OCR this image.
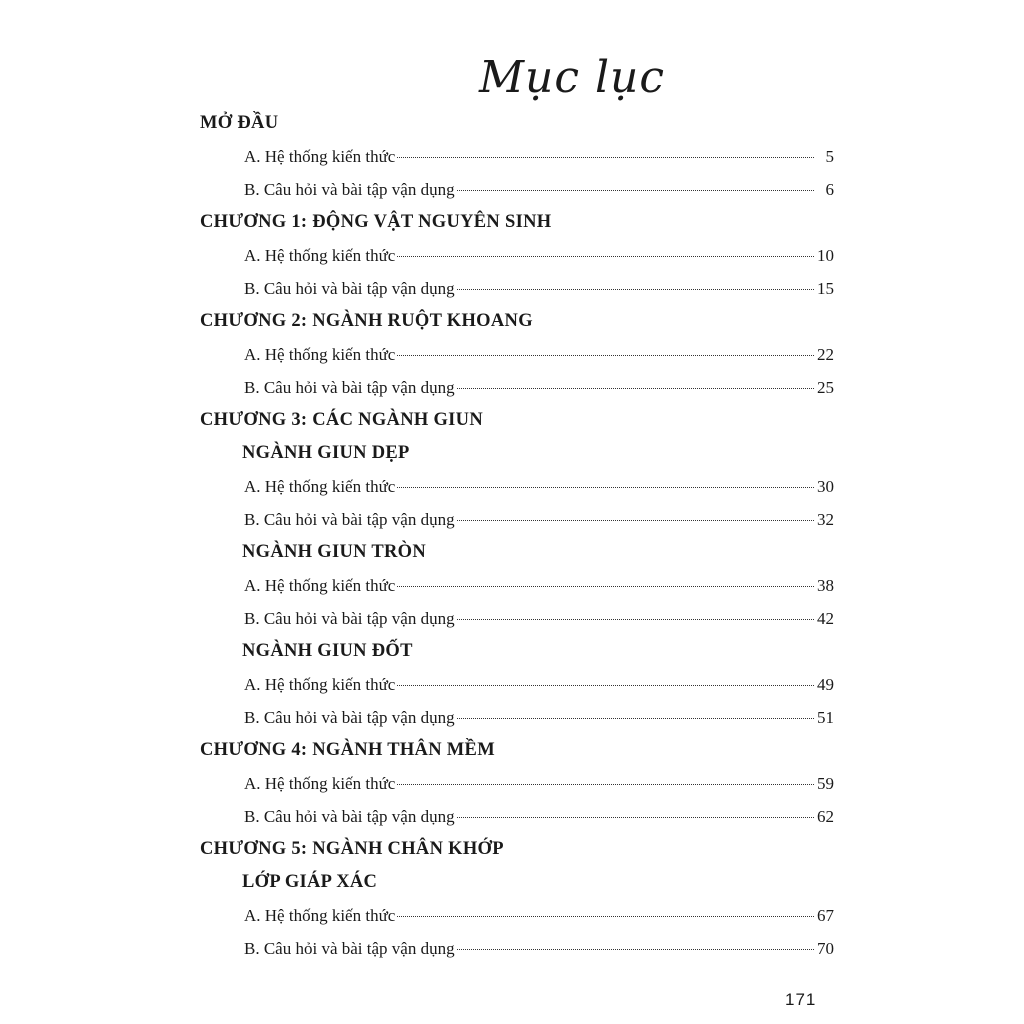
Mục lục
MỞ ĐẦU
A. Hệ thống kiến thức	5
B. Câu hỏi và bài tập vận dụng	6
CHƯƠNG 1: ĐỘNG VẬT NGUYÊN SINH
A. Hệ thống kiến thức	10
B. Câu hỏi và bài tập vận dụng	15
CHƯƠNG 2: NGÀNH RUỘT KHOANG
A. Hệ thống kiến thức	22
B. Câu hỏi và bài tập vận dụng	25
CHƯƠNG 3: CÁC NGÀNH GIUN
NGÀNH GIUN DẸP
A. Hệ thống kiến thức	30
B. Câu hỏi và bài tập vận dụng	32
NGÀNH GIUN TRÒN
A. Hệ thống kiến thức	38
B. Câu hỏi và bài tập vận dụng	42
NGÀNH GIUN ĐỐT
A. Hệ thống kiến thức	49
B. Câu hỏi và bài tập vận dụng	51
CHƯƠNG 4: NGÀNH THÂN MỀM
A. Hệ thống kiến thức	59
B. Câu hỏi và bài tập vận dụng	62
CHƯƠNG 5: NGÀNH CHÂN KHỚP
LỚP GIÁP XÁC
A. Hệ thống kiến thức	67
B. Câu hỏi và bài tập vận dụng	70
171
